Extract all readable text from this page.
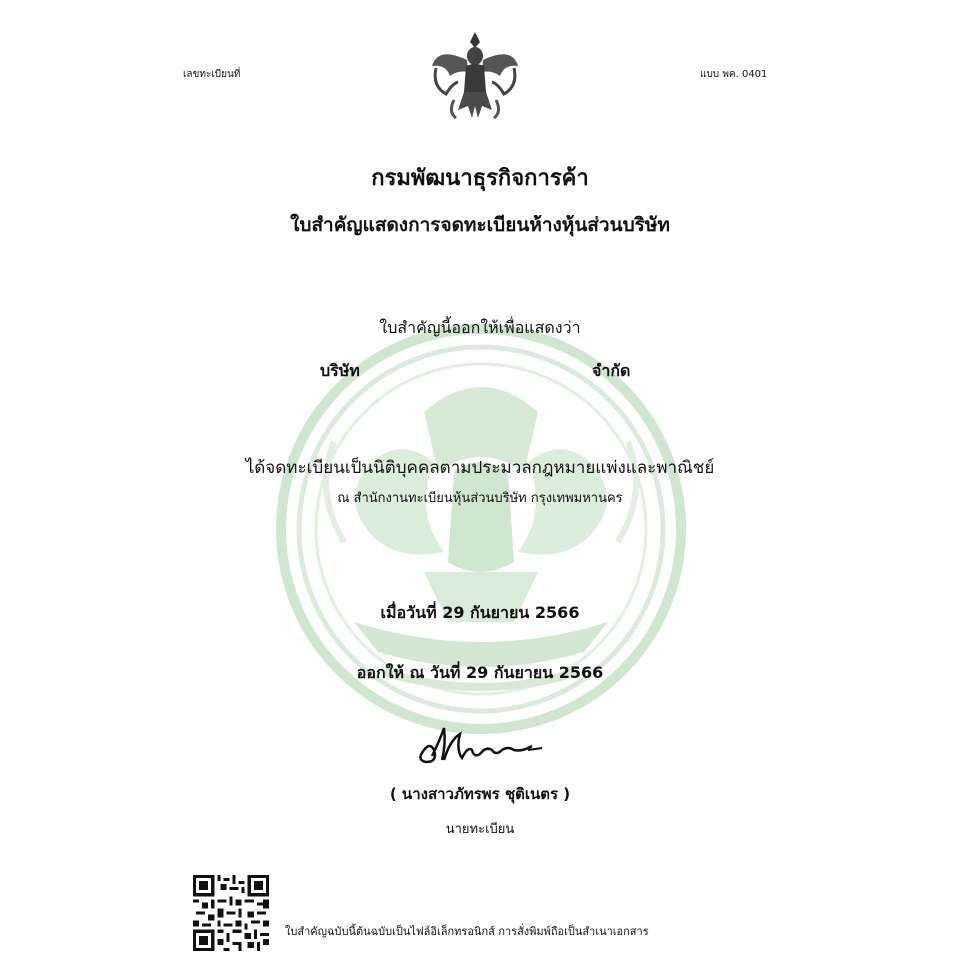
เลขทะเบียนที่	แบบ พค. 0401
กรมพัฒนาธุรกิจการค้า
ใบสำคัญแสดงการจดทะเบียนห้างหุ้นส่วนบริษัท
ใบสำคัญนี้ออกให้เพื่อแสดงว่า
บริษัท	จำกัด
ได้จดทะเบียนเป็นนิติบุคคลตามประมวลกฎหมายแพ่งและพาณิชย์
ณ สำนักงานทะเบียนหุ้นส่วนบริษัท กรุงเทพมหานคร
เมื่อวันที่ 29 กันยายน 2566
ออกให้ ณ วันที่ 29 กันยายน 2566
( นางสาวภัทรพร ชุติเนตร )
นายทะเบียน
ใบสำคัญฉบับนี้ต้นฉบับเป็นไฟล์อิเล็กทรอนิกส์ การสั่งพิมพ์ถือเป็นสำเนาเอกสาร
